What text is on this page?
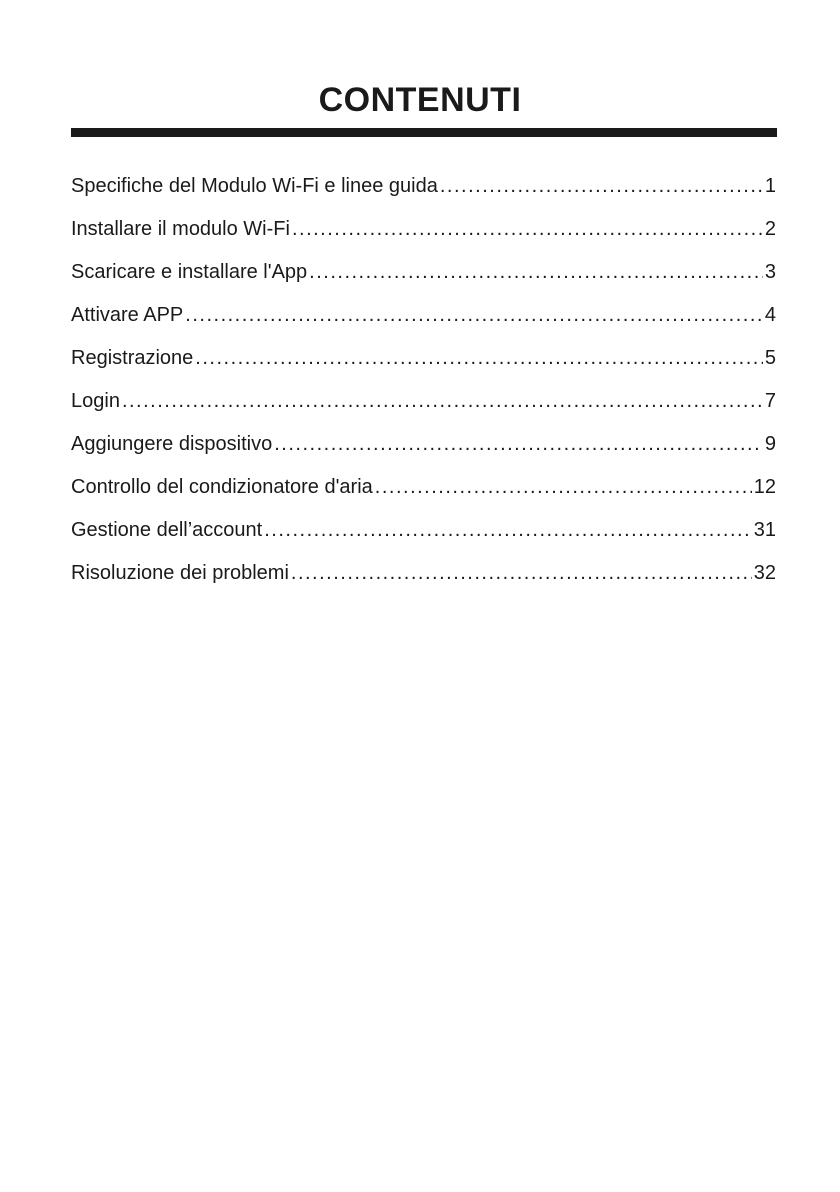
CONTENUTI
Specifiche del Modulo Wi-Fi e linee guida .....	1
Installare il modulo Wi-Fi .....	2
Scaricare e installare l'App .....	3
Attivare APP .....	4
Registrazione .....	5
Login .....	7
Aggiungere dispositivo .....	9
Controllo del condizionatore d'aria .....	12
Gestione dell’account .....	31
Risoluzione dei problemi .....	32
